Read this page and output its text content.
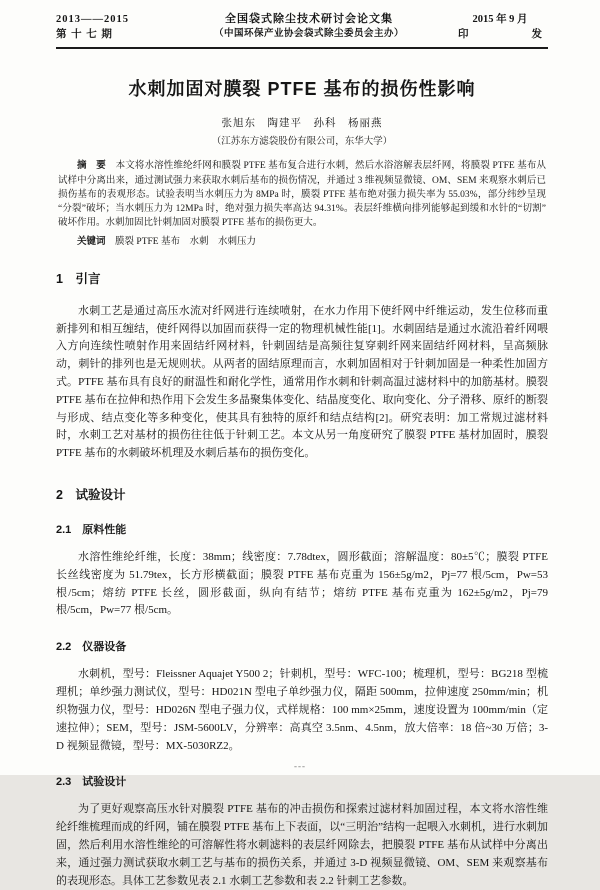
2013——2015
第 十 七 期
全国袋式除尘技术研讨会论文集
（中国环保产业协会袋式除尘委员会主办）
2015 年 9 月
印	发
水刺加固对膜裂 PTFE 基布的损伤性影响
张旭东　陶建平　孙科　杨丽燕
（江苏东方滤袋股份有限公司，东华大学）

摘　要　 本文将水溶性维纶纤网和膜裂 PTFE 基布复合进行水刺，然后水浴溶解表层纤网，将膜裂 PTFE 基布从试样中分离出来，通过测试强力来获取水刺后基布的损伤情况，并通过 3 维视频显微镜、OM、SEM 来观察水刺后已损伤基布的表观形态。试验表明当水刺压力为 8MPa 时，膜裂 PTFE 基布绝对强力损失率为 55.03%，部分纬纱呈现“分裂”破坏；当水刺压力为 12MPa 时，绝对强力损失率高达 94.31%。表层纤维横向排列能够起到缓和水针的“切割”破坏作用。水刺加固比针刺加固对膜裂 PTFE 基布的损伤更大。

关键词　 膜裂 PTFE 基布　水刺　水刺压力

1　引言

水刺工艺是通过高压水流对纤网进行连续喷射，在水力作用下使纤网中纤维运动，发生位移而重新排列和相互缠结，使纤网得以加固而获得一定的物理机械性能[1]。水刺固结是通过水流沿着纤网喂入方向连续性喷射作用来固结纤网材料，针刺固结是高频往复穿刺纤网来固结纤网材料，呈高频脉动，刺针的排列也是无规则状。从两者的固结原理而言，水刺加固相对于针刺加固是一种柔性加固方式。PTFE 基布具有良好的耐温性和耐化学性，通常用作水刺和针刺高温过滤材料中的加筋基材。膜裂 PTFE 基布在拉伸和热作用下会发生多晶聚集体变化、结晶度变化、取向变化、分子滑移、原纤的断裂与形成、结点变化等多种变化，使其具有独特的原纤和结点结构[2]。研究表明：加工常规过滤材料时，水刺工艺对基材的损伤往往低于针刺工艺。本文从另一角度研究了膜裂 PTFE 基材加固时，膜裂 PTFE 基布的水刺破坏机理及水刺后基布的损伤变化。

2　试验设计
2.1　原料性能

水溶性维纶纤维，长度：38mm；线密度：7.78dtex，圆形截面；溶解温度：80±5℃；膜裂 PTFE 长丝线密度为 51.79tex，长方形横截面；膜裂 PTFE 基布克重为 156±5g/m2，Pj=77 根/5cm，Pw=53 根/5cm；熔纺 PTFE 长丝，圆形截面，纵向有结节；熔纺 PTFE 基布克重为 162±5g/m2，Pj=79 根/5cm，Pw=77 根/5cm。

2.2　仪器设备

水刺机，型号：Fleissner Aquajet Y500 2；针刺机，型号：WFC-100；梳理机，型号：BG218 型梳理机；单纱强力测试仪，型号：HD021N 型电子单纱强力仪，隔距 500mm，拉伸速度 250mm/min；机织物强力仪，型号：HD026N 型电子强力仪，式样规格：100 mm×25mm，速度设置为 100mm/min（定速拉伸）；SEM，型号：JSM-5600LV，分辨率：高真空 3.5nm、4.5nm，放大倍率：18 倍~30 万倍；3-D 视频显微镜，型号：MX-5030RZ2。

2.3　试验设计

为了更好观察高压水针对膜裂 PTFE 基布的冲击损伤和探索过滤材料加固过程，本文将水溶性维纶纤维梳理而成的纤网，铺在膜裂 PTFE 基布上下表面，以“三明治”结构一起喂入水刺机，进行水刺加固，然后利用水溶性维纶的可溶解性将水刺滤料的表层纤网除去，把膜裂 PTFE 基布从试样中分离出来，通过强力测试获取水刺工艺与基布的损伤关系，并通过 3-D 视频显微镜、OM、SEM 来观察基布的表现形态。具体工艺参数见表 2.1 水刺工艺参数和表 2.2 针刺工艺参数。

---
